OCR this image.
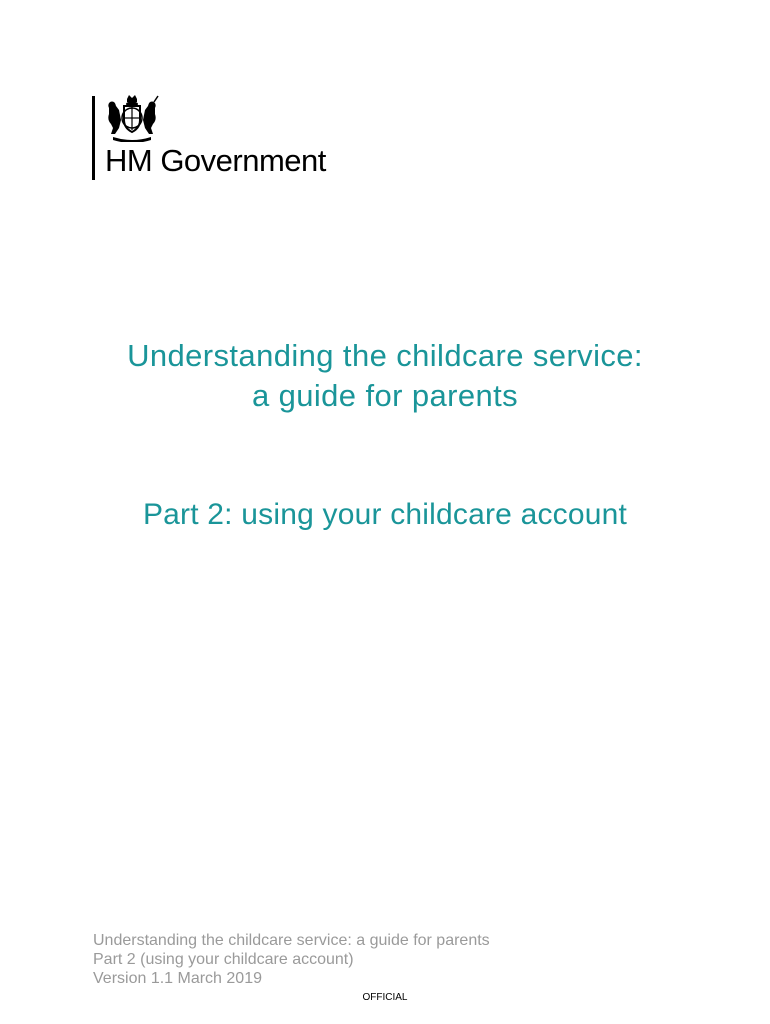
HM Government
Understanding the childcare service:
a guide for parents
Part 2: using your childcare account
Understanding the childcare service: a guide for parents
Part 2 (using your childcare account)
Version 1.1 March 2019
OFFICIAL
